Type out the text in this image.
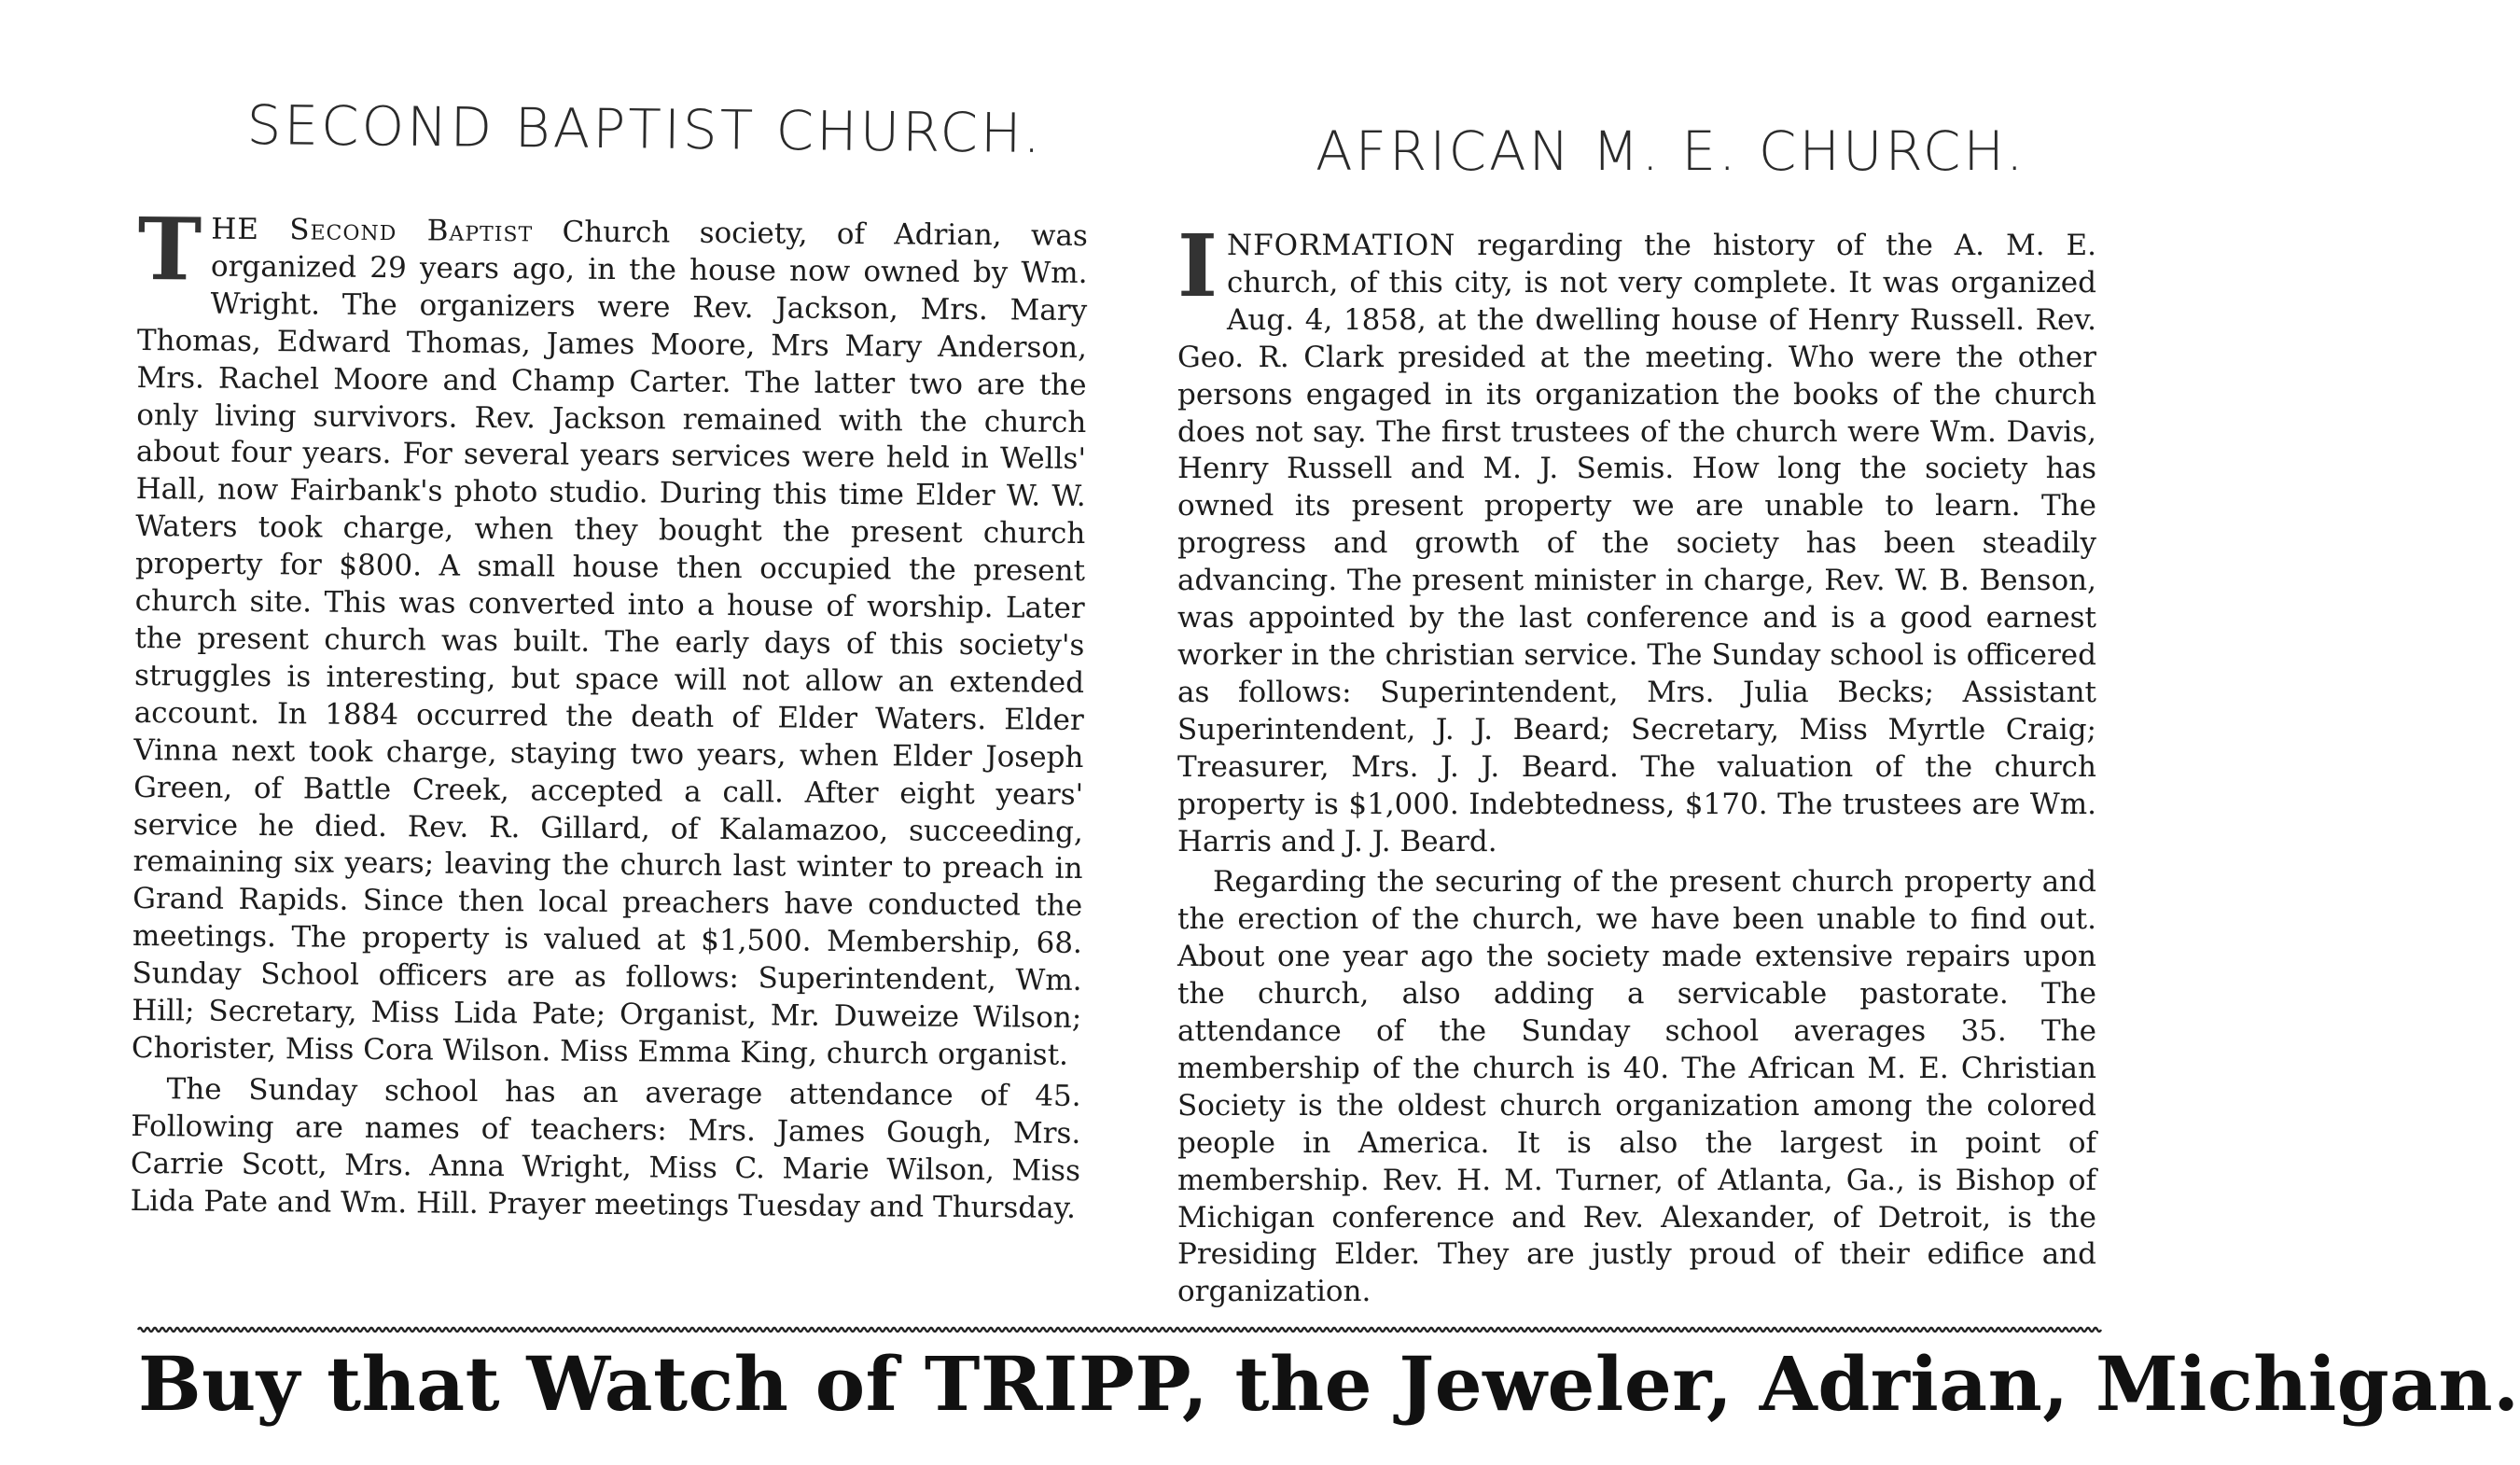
SECOND BAPTIST CHURCH.

THE Second Baptist Church society, of Adrian, was organized 29 years ago, in the house now owned by Wm. Wright. The organizers were Rev. Jackson, Mrs. Mary Thomas, Edward Thomas, James Moore, Mrs Mary Anderson, Mrs. Rachel Moore and Champ Carter. The latter two are the only living survivors. Rev. Jackson remained with the church about four years. For several years services were held in Wells' Hall, now Fairbank's photo studio. During this time Elder W. W. Waters took charge, when they bought the present church property for $800. A small house then occupied the present church site. This was converted into a house of worship. Later the present church was built. The early days of this society's struggles is interesting, but space will not allow an extended account. In 1884 occurred the death of Elder Waters. Elder Vinna next took charge, staying two years, when Elder Joseph Green, of Battle Creek, accepted a call. After eight years' service he died. Rev. R. Gillard, of Kalamazoo, succeeding, remaining six years; leaving the church last winter to preach in Grand Rapids. Since then local preachers have conducted the meetings. The property is valued at $1,500. Membership, 68. Sunday School officers are as follows: Superintendent, Wm. Hill; Secretary, Miss Lida Pate; Organist, Mr. Duweize Wilson; Chorister, Miss Cora Wilson. Miss Emma King, church organist.

The Sunday school has an average attendance of 45. Following are names of teachers: Mrs. James Gough, Mrs. Carrie Scott, Mrs. Anna Wright, Miss C. Marie Wilson, Miss Lida Pate and Wm. Hill. Prayer meetings Tuesday and Thursday.

AFRICAN M. E. CHURCH.

INFORMATION regarding the history of the A. M. E. church, of this city, is not very complete. It was organized Aug. 4, 1858, at the dwelling house of Henry Russell. Rev. Geo. R. Clark presided at the meeting. Who were the other persons engaged in its organization the books of the church does not say. The first trustees of the church were Wm. Davis, Henry Russell and M. J. Semis. How long the society has owned its present property we are unable to learn. The progress and growth of the society has been steadily advancing. The present minister in charge, Rev. W. B. Benson, was appointed by the last conference and is a good earnest worker in the christian service. The Sunday school is officered as follows: Superintendent, Mrs. Julia Becks; Assistant Superintendent, J. J. Beard; Secretary, Miss Myrtle Craig; Treasurer, Mrs. J. J. Beard. The valuation of the church property is $1,000. Indebtedness, $170. The trustees are Wm. Harris and J. J. Beard.

Regarding the securing of the present church property and the erection of the church, we have been unable to find out. About one year ago the society made extensive repairs upon the church, also adding a servicable pastorate. The attendance of the Sunday school averages 35. The membership of the church is 40. The African M. E. Christian Society is the oldest church organization among the colored people in America. It is also the largest in point of membership. Rev. H. M. Turner, of Atlanta, Ga., is Bishop of Michigan conference and Rev. Alexander, of Detroit, is the Presiding Elder. They are justly proud of their edifice and organization.

Buy that Watch of TRIPP, the Jeweler, Adrian, Michigan.
